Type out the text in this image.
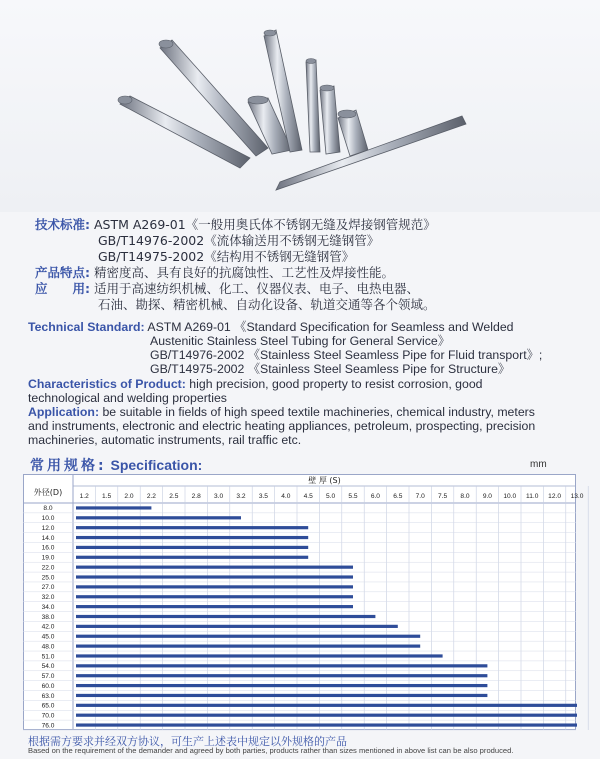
技术标准: ASTM A269-01《一般用奥氏体不锈钢无缝及焊接钢管规范》
GB/T14976-2002《流体输送用不锈钢无缝钢管》
GB/T14975-2002《结构用不锈钢无缝钢管》
产品特点: 精密度高、具有良好的抗腐蚀性、工艺性及焊接性能。
应　　用: 适用于高速纺织机械、化工、仪器仪表、电子、电热电器、
石油、勘探、精密机械、自动化设备、轨道交通等各个领域。
Technical Standard: ASTM A269-01 《Standard Specification for Seamless and Welded
Austenitic Stainless Steel Tubing for General Service》
GB/T14976-2002 《Stainless Steel Seamless Pipe for Fluid transport》;
GB/T14975-2002 《Stainless Steel Seamless Pipe for Structure》
Characteristics of Product: high precision, good property to resist corrosion, good
technological and welding properties
Application: be suitable in fields of high speed textile machineries, chemical industry, meters
and instruments, electronic and electric heating appliances, petroleum, prospecting, precision
machineries, automatic instruments, rail traffic etc.
常用规格: Specification:	mm
壁 厚 (S)
外径(D)	1.2 1.5 2.0 2.2 2.5 2.8 3.0 3.2 3.5 4.0 4.5 5.0 5.5 6.0 6.5 7.0 7.5 8.0 9.0 10.0 11.0 12.0 13.0
8.0
10.0
12.0
14.0
16.0
19.0
22.0
25.0
27.0
32.0
34.0
38.0
42.0
45.0
48.0
51.0
54.0
57.0
60.0
63.0
65.0
70.0
76.0
根据需方要求并经双方协议，可生产上述表中规定以外规格的产品
Based on the requirement of the demander and agreed by both parties, products rather than sizes mentioned in above list can be also produced.
